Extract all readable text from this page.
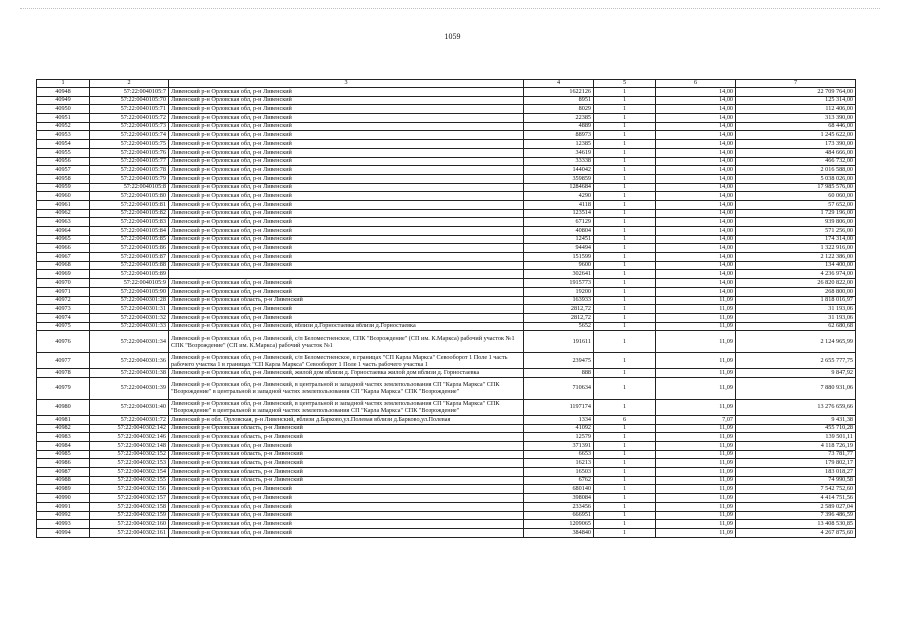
1059
1	2	3	4	5	6	7
40948	57:22:0040105:7	Ливенский р-н Орловская обл, р-н Ливенский	1622126	1	14,00	22 709 764,00
40949	57:22:0040105:70	Ливенский р-н Орловская обл, р-н Ливенский	8951	1	14,00	125 314,00
40950	57:22:0040105:71	Ливенский р-н Орловская обл, р-н Ливенский	8029	1	14,00	112 406,00
40951	57:22:0040105:72	Ливенский р-н Орловская обл, р-н Ливенский	22385	1	14,00	313 390,00
40952	57:22:0040105:73	Ливенский р-н Орловская обл, р-н Ливенский	4889	1	14,00	68 446,00
40953	57:22:0040105:74	Ливенский р-н Орловская обл, р-н Ливенский	88973	1	14,00	1 245 622,00
40954	57:22:0040105:75	Ливенский р-н Орловская обл, р-н Ливенский	12385	1	14,00	173 390,00
40955	57:22:0040105:76	Ливенский р-н Орловская обл, р-н Ливенский	34619	1	14,00	484 666,00
40956	57:22:0040105:77	Ливенский р-н Орловская обл, р-н Ливенский	33338	1	14,00	466 732,00
40957	57:22:0040105:78	Ливенский р-н Орловская обл, р-н Ливенский	144042	1	14,00	2 016 588,00
40958	57:22:0040105:79	Ливенский р-н Орловская обл, р-н Ливенский	359859	1	14,00	5 038 026,00
40959	57:22:0040105:8	Ливенский р-н Орловская обл, р-н Ливенский	1284684	1	14,00	17 985 576,00
40960	57:22:0040105:80	Ливенский р-н Орловская обл, р-н Ливенский	4290	1	14,00	60 060,00
40961	57:22:0040105:81	Ливенский р-н Орловская обл, р-н Ливенский	4118	1	14,00	57 652,00
40962	57:22:0040105:82	Ливенский р-н Орловская обл, р-н Ливенский	123514	1	14,00	1 729 196,00
40963	57:22:0040105:83	Ливенский р-н Орловская обл, р-н Ливенский	67129	1	14,00	939 806,00
40964	57:22:0040105:84	Ливенский р-н Орловская обл, р-н Ливенский	40804	1	14,00	571 256,00
40965	57:22:0040105:85	Ливенский р-н Орловская обл, р-н Ливенский	12451	1	14,00	174 314,00
40966	57:22:0040105:86	Ливенский р-н Орловская обл, р-н Ливенский	94494	1	14,00	1 322 916,00
40967	57:22:0040105:87	Ливенский р-н Орловская обл, р-н Ливенский	151599	1	14,00	2 122 386,00
40968	57:22:0040105:88	Ливенский р-н Орловская обл, р-н Ливенский	9600	1	14,00	134 400,00
40969	57:22:0040105:89		302641	1	14,00	4 236 974,00
40970	57:22:0040105:9	Ливенский р-н Орловская обл, р-н Ливенский	1915773	1	14,00	26 820 822,00
40971	57:22:0040105:90	Ливенский р-н Орловская обл, р-н Ливенский	19200	1	14,00	268 800,00
40972	57:22:0040301:28	Ливенский р-н Орловская область, р-н Ливенский	163933	1	11,09	1 818 016,97
40973	57:22:0040301:31	Ливенский р-н Орловская обл, р-н Ливенский	2812,72	1	11,09	31 193,06
40974	57:22:0040301:32	Ливенский р-н Орловская обл, р-н Ливенский	2812,72	1	11,09	31 193,06
40975	57:22:0040301:33	Ливенский р-н Орловская обл, р-н Ливенский, вблизи д.Горностаевка вблизи д.Горностаевка	5652	1	11,09	62 680,68
40976	57:22:0040301:34	Ливенский р-н Орловская обл, р-н Ливенский, с/п Беломестненское, СПК "Возрождение" (СП им. К.Маркса) рабочий участок №1 СПК "Возрождение" (СП им. К.Маркса) рабочий участок №1	191611	1	11,09	2 124 965,99
40977	57:22:0040301:36	Ливенский р-н Орловская обл, р-н Ливенский, с/п Беломестненское, в границах "СП Карла Маркса" Севооборот 1 Поле 1 часть рабочего участка 1 в границах "СП Карла Маркса" Севооборот 1 Поле 1 часть рабочего участка 1	239475	1	11,09	2 655 777,75
40978	57:22:0040301:38	Ливенский р-н Орловская обл, р-н Ливенский, жилой дом вблизи д. Горностаевка жилой дом вблизи д. Горностаевка	888	1	11,09	9 847,92
40979	57:22:0040301:39	Ливенский р-н Орловская обл, р-н Ливенский, в центральной и западной частях землепользования СП "Карла Маркса" СПК "Возрождение" в центральной и западной частях землепользования СП "Карла Маркса" СПК "Возрождение"	710634	1	11,09	7 880 931,06
40980	57:22:0040301:40	Ливенский р-н Орловская обл, р-н Ливенский, в центральной и западной частях землепользования СП "Карла Маркса" СПК "Возрождение" в центральной и западной частях землепользования СП "Карла Маркса" СПК "Возрождение"	1197174	1	11,09	13 276 659,66
40981	57:22:0040301:72	Ливенский р-н обл. Орловская, р-н Ливенский, вблизи д.Барково,ул.Полевая вблизи д.Барково,ул.Полевая	1334	6	7,07	9 431,38
40982	57:22:0040302:142	Ливенский р-н Орловская область, р-н Ливенский	41092	1	11,09	455 710,28
40983	57:22:0040302:146	Ливенский р-н Орловская область, р-н Ливенский	12579	1	11,09	139 501,11
40984	57:22:0040302:148	Ливенский р-н Орловская обл, р-н Ливенский	371391	1	11,09	4 118 726,19
40985	57:22:0040302:152	Ливенский р-н Орловская область, р-н Ливенский	6653	1	11,09	73 781,77
40986	57:22:0040302:153	Ливенский р-н Орловская область, р-н Ливенский	16213	1	11,09	179 802,17
40987	57:22:0040302:154	Ливенский р-н Орловская область, р-н Ливенский	16503	1	11,09	183 018,27
40988	57:22:0040302:155	Ливенский р-н Орловская область, р-н Ливенский	6762	1	11,09	74 990,58
40989	57:22:0040302:156	Ливенский р-н Орловская обл, р-н Ливенский	680140	1	11,09	7 542 752,60
40990	57:22:0040302:157	Ливенский р-н Орловская обл, р-н Ливенский	398084	1	11,09	4 414 751,56
40991	57:22:0040302:158	Ливенский р-н Орловская обл, р-н Ливенский	233456	1	11,09	2 589 027,04
40992	57:22:0040302:159	Ливенский р-н Орловская обл, р-н Ливенский	666951	1	11,09	7 396 486,59
40993	57:22:0040302:160	Ливенский р-н Орловская обл, р-н Ливенский	1209065	1	11,09	13 408 530,85
40994	57:22:0040302:161	Ливенский р-н Орловская обл, р-н Ливенский	384840	1	11,09	4 267 875,60
